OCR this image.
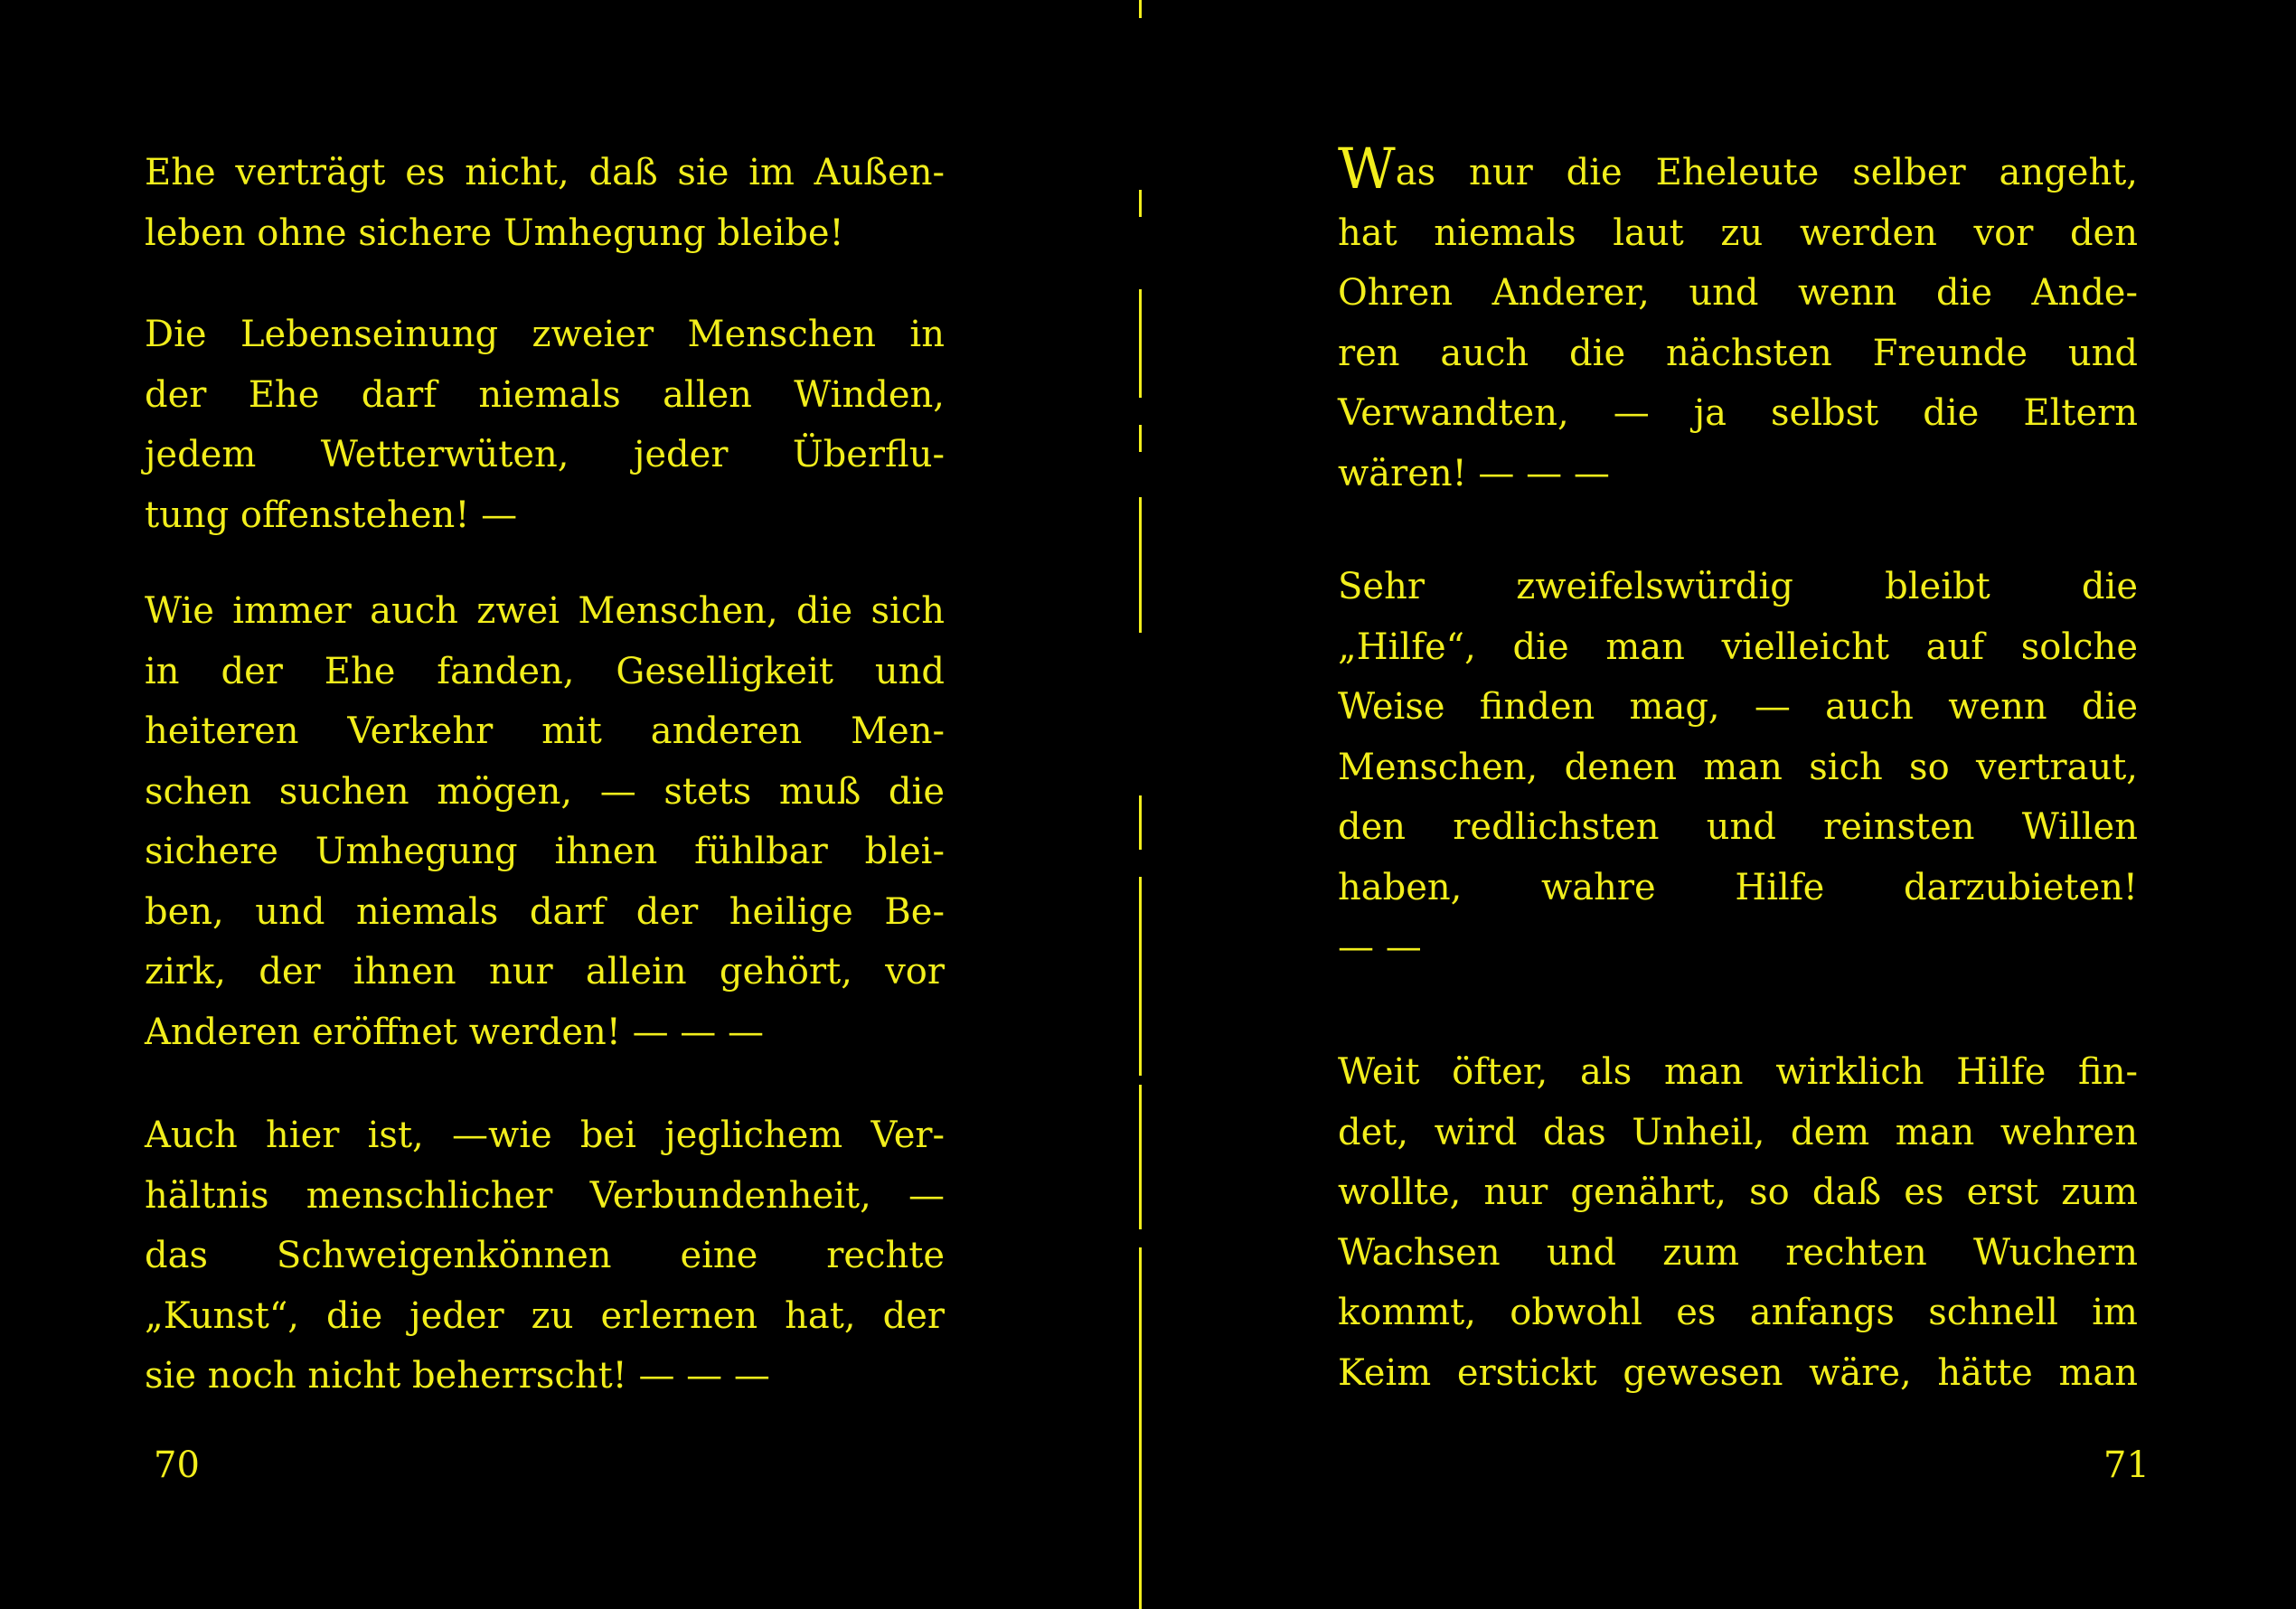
Ehe verträgt es nicht, daß sie im Außen-
leben ohne sichere Umhegung bleibe!
Die Lebenseinung zweier Menschen in
der Ehe darf niemals allen Winden,
jedem Wetterwüten, jeder Überflu-
tung offenstehen! —
Wie immer auch zwei Menschen, die sich
in der Ehe fanden, Geselligkeit und
heiteren Verkehr mit anderen Men-
schen suchen mögen, — stets muß die
sichere Umhegung ihnen fühlbar blei-
ben, und niemals darf der heilige Be-
zirk, der ihnen nur allein gehört, vor
Anderen eröffnet werden! — — —
Auch hier ist, —wie bei jeglichem Ver-
hältnis menschlicher Verbundenheit, —
das Schweigenkönnen eine rechte
„Kunst“, die jeder zu erlernen hat, der
sie noch nicht beherrscht! — — —
70
Was nur die Eheleute selber angeht,
hat niemals laut zu werden vor den
Ohren Anderer, und wenn die Ande-
ren auch die nächsten Freunde und
Verwandten, — ja selbst die Eltern
wären! — — —
Sehr zweifelswürdig bleibt die
„Hilfe“, die man vielleicht auf solche
Weise finden mag, — auch wenn die
Menschen, denen man sich so vertraut,
den redlichsten und reinsten Willen
haben, wahre Hilfe darzubieten!
— —
Weit öfter, als man wirklich Hilfe fin-
det, wird das Unheil, dem man wehren
wollte, nur genährt, so daß es erst zum
Wachsen und zum rechten Wuchern
kommt, obwohl es anfangs schnell im
Keim erstickt gewesen wäre, hätte man
71
